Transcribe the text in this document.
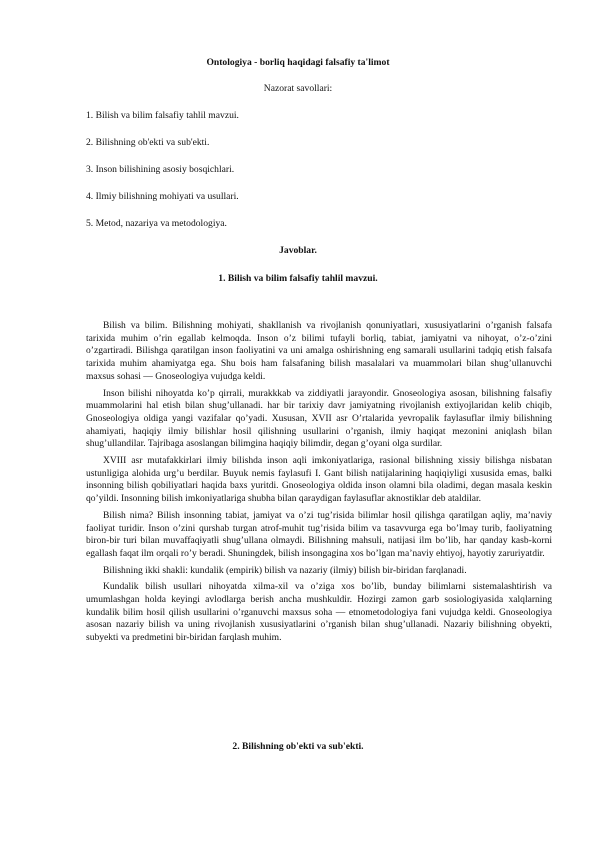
Ontologiya - borliq haqidagi falsafiy ta'limot
Nazorat savollari:
1. Bilish va bilim falsafiy tahlil mavzui.
2. Bilishning ob'ekti va sub'ekti.
3. Inson bilishining asosiy bosqichlari.
4. Ilmiy bilishning mohiyati va usullari.
5. Metod, nazariya va metodologiya.
Javoblar.
1. Bilish va bilim falsafiy tahlil mavzui.

Bilish va bilim. Bilishning mohiyati, shakllanish va rivojlanish qonuniyatlari, xususiyatlarini o’rganish falsafa tarixida muhim o’rin egallab kelmoqda. Inson o’z bilimi tufayli borliq, tabiat, jamiyatni va nihoyat, o’z-o’zini o’zgartiradi. Bilishga qaratilgan inson faoliyatini va uni amalga oshirishning eng samarali usullarini tadqiq etish falsafa tarixida muhim ahamiyatga ega. Shu bois ham falsafaning bilish masalalari va muammolari bilan shug’ullanuvchi maxsus sohasi — Gnoseologiya vujudga keldi.

Inson bilishi nihoyatda ko’p qirrali, murakkkab va ziddiyatli jarayondir. Gnoseologiya asosan, bilishning falsafiy muammolarini hal etish bilan shug’ullanadi. har bir tarixiy davr jamiyatning rivojlanish extiyojlaridan kelib chiqib, Gnoseologiya oldiga yangi vazifalar qo’yadi. Xususan, XVII asr O’rtalarida yevropalik faylasuflar ilmiy bilishning ahamiyati, haqiqiy ilmiy bilishlar hosil qilishning usullarini o’rganish, ilmiy haqiqat mezonini aniqlash bilan shug’ullandilar. Tajribaga asoslangan bilimgina haqiqiy bilimdir, degan g’oyani olga surdilar.

XVIII asr mutafakkirlari ilmiy bilishda inson aqli imkoniyatlariga, rasional bilishning xissiy bilishga nisbatan ustunligiga alohida urg’u berdilar. Buyuk nemis faylasufi I. Gant bilish natijalarining haqiqiyligi xususida emas, balki insonning bilish qobiliyatlari haqida baxs yuritdi. Gnoseologiya oldida inson olamni bila oladimi, degan masala keskin qo’yildi. Insonning bilish imkoniyatlariga shubha bilan qaraydigan faylasuflar aknostiklar deb ataldilar.

Bilish nima? Bilish insonning tabiat, jamiyat va o’zi tug’risida bilimlar hosil qilishga qaratilgan aqliy, ma’naviy faoliyat turidir. Inson o’zini qurshab turgan atrof-muhit tug’risida bilim va tasavvurga ega bo’lmay turib, faoliyatning biron-bir turi bilan muvaffaqiyatli shug’ullana olmaydi. Bilishning mahsuli, natijasi ilm bo’lib, har qanday kasb-korni egallash faqat ilm orqali ro’y beradi. Shuningdek, bilish insongagina xos bo’lgan ma’naviy ehtiyoj, hayotiy zaruriyatdir.

Bilishning ikki shakli: kundalik (empirik) bilish va nazariy (ilmiy) bilish bir-biridan farqlanadi.

Kundalik bilish usullari nihoyatda xilma-xil va o’ziga xos bo’lib, bunday bilimlarni sistemalashtirish va umumlashgan holda keyingi avlodlarga berish ancha mushkuldir. Hozirgi zamon garb sosiologiyasida xalqlarning kundalik bilim hosil qilish usullarini o’rganuvchi maxsus soha — etnometodologiya fani vujudga keldi. Gnoseologiya asosan nazariy bilish va uning rivojlanish xususiyatlarini o’rganish bilan shug’ullanadi. Nazariy bilishning obyekti, subyekti va predmetini bir-biridan farqlash muhim.

2. Bilishning ob'ekti va sub'ekti.
